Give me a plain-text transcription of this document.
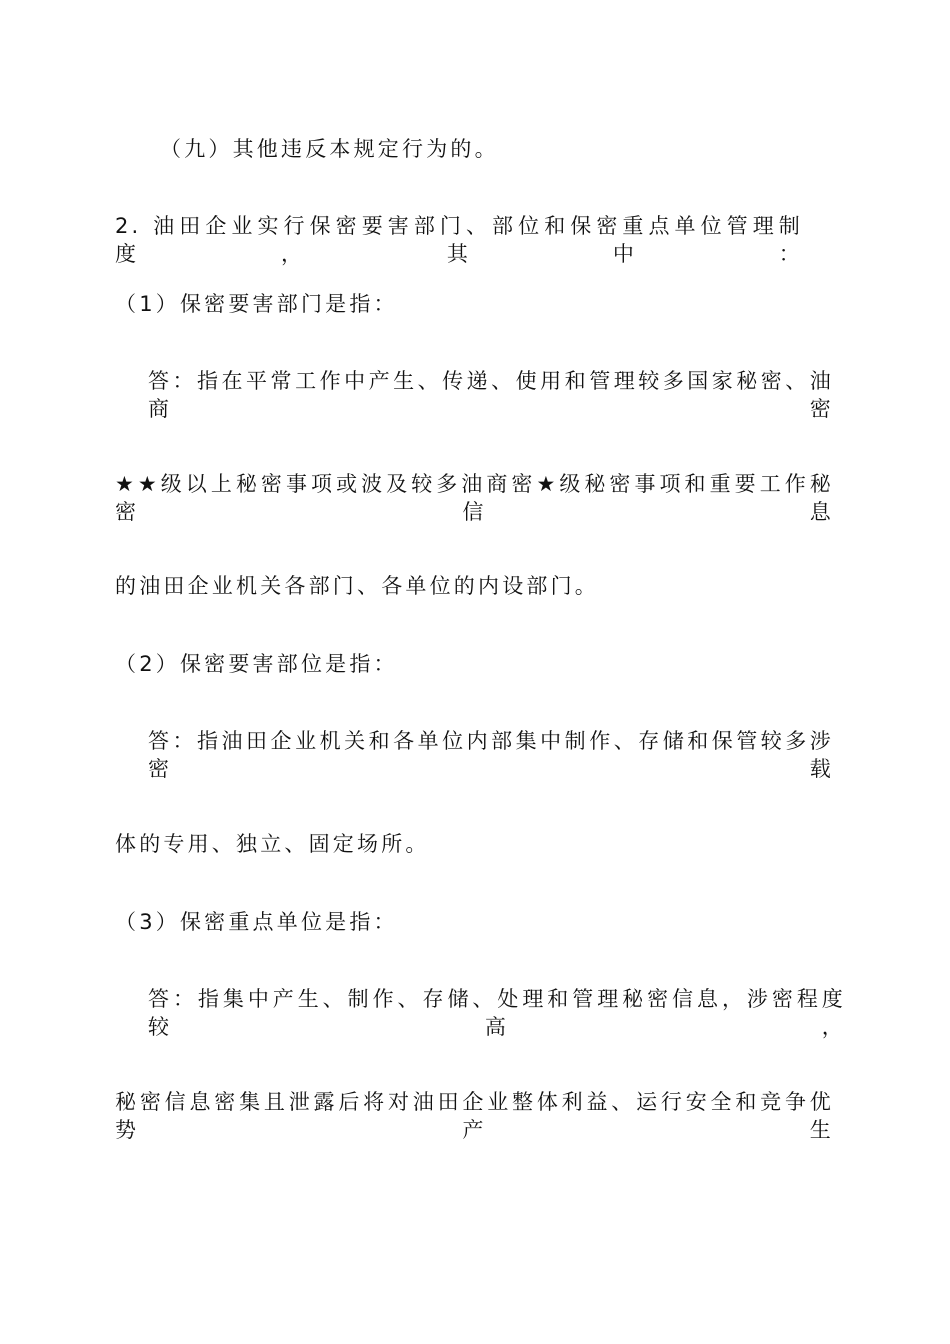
（九）其他违反本规定行为的。
2. 油田企业实行保密要害部门、部位和保密重点单位管理制度，其中：
（1）保密要害部门是指：
答：指在平常工作中产生、传递、使用和管理较多国家秘密、油商密
★★级以上秘密事项或波及较多油商密★级秘密事项和重要工作秘密信息
的油田企业机关各部门、各单位的内设部门。
（2）保密要害部位是指：
答：指油田企业机关和各单位内部集中制作、存储和保管较多涉密载
体的专用、独立、固定场所。
（3）保密重点单位是指：
答：指集中产生、制作、存储、处理和管理秘密信息，涉密程度较高，
秘密信息密集且泄露后将对油田企业整体利益、运行安全和竞争优势产生
